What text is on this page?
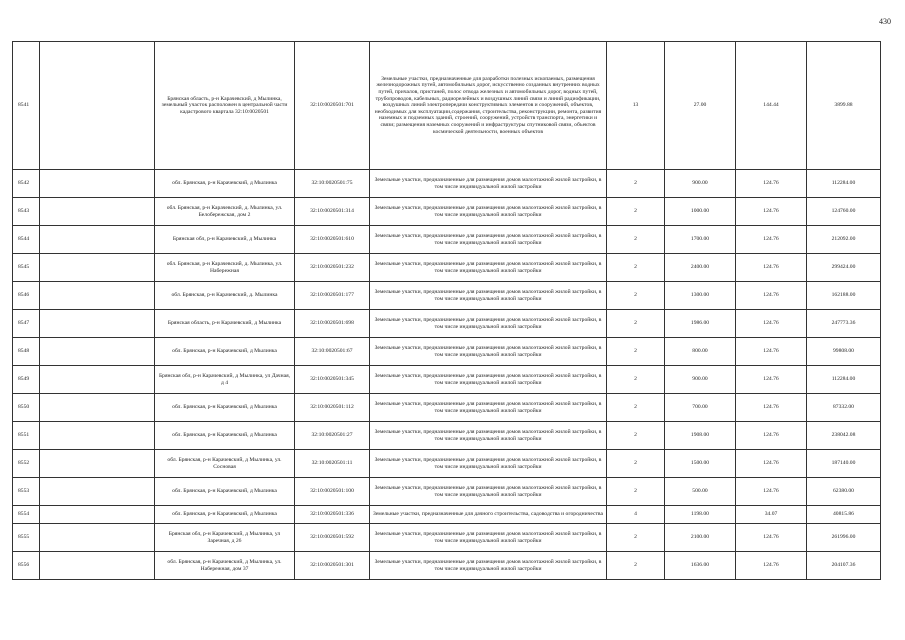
430
8541		Брянская область, р-н Карачевский, д Мылинка, земельный участок расположен в центральной части кадастрового квартала 32:10:0020501	32:10:0020501:701	Земельные участки, предназначенные для разработки полезных ископаемых, размещения железнодорожных путей, автомобильных дорог, искусственно созданных внутренних водных путей, причалов, пристаней, полос отвода железных и автомобильных дорог, водных путей, трубопроводов, кабельных, радиорелейных и воздушных линий связи и линий радиофикации, воздушных линий электропередачи конструктивных элементов и сооружений, объектов, необходимых для эксплуатации,содержания, строительства, реконструкции, ремонта, развития наземных и подземных зданий, строений, сооружений, устройств транспорта, энергетики и связи; размещения наземных сооружений и инфраструктуры спутниковой связи, объектов космической деятельности, военных объектов	13	27.00	144.44	3899.88
8542		обл. Брянская, р-н Карачевский, д Мылинка	32:10:0020501:75	Земельные участки, предназначенные для размещения домов малоэтажной жилой застройки, в том числе индивидуальной жилой застройки	2	900.00	124.76	112284.00
8543		обл. Брянская, р-н Карачевский, д. Мылинка, ул. Белобережская, дом 2	32:10:0020501:314	Земельные участки, предназначенные для размещения домов малоэтажной жилой застройки, в том числе индивидуальной жилой застройки	2	1000.00	124.76	124760.00
8544		Брянская обл, р-н Карачевский, д Мылинка	32:10:0020501:610	Земельные участки, предназначенные для размещения домов малоэтажной жилой застройки, в том числе индивидуальной жилой застройки	2	1700.00	124.76	212092.00
8545		обл. Брянская, р-н Карачевский, д. Мылинка, ул. Набережная	32:10:0020501:232	Земельные участки, предназначенные для размещения домов малоэтажной жилой застройки, в том числе индивидуальной жилой застройки	2	2400.00	124.76	299424.00
8546		обл. Брянская, р-н Карачевский, д. Мылинка	32:10:0020501:177	Земельные участки, предназначенные для размещения домов малоэтажной жилой застройки, в том числе индивидуальной жилой застройки	2	1300.00	124.76	162188.00
8547		Брянская область, р-н Карачевский, д Мылинка	32:10:0020501:698	Земельные участки, предназначенные для размещения домов малоэтажной жилой застройки, в том числе индивидуальной жилой застройки	2	1986.00	124.76	247773.36
8548		обл. Брянская, р-н Карачевский, д Мылинка	32:10:0020501:67	Земельные участки, предназначенные для размещения домов малоэтажной жилой застройки, в том числе индивидуальной жилой застройки	2	800.00	124.76	99808.00
8549		Брянская обл, р-н Карачевский, д Мылинка, ул Дачная, д 4	32:10:0020501:345	Земельные участки, предназначенные для размещения домов малоэтажной жилой застройки, в том числе индивидуальной жилой застройки	2	900.00	124.76	112284.00
8550		обл. Брянская, р-н Карачевский, д Мылинка	32:10:0020501:112	Земельные участки, предназначенные для размещения домов малоэтажной жилой застройки, в том числе индивидуальной жилой застройки	2	700.00	124.76	87332.00
8551		обл. Брянская, р-н Карачевский, д Мылинка	32:10:0020501:27	Земельные участки, предназначенные для размещения домов малоэтажной жилой застройки, в том числе индивидуальной жилой застройки	2	1908.00	124.76	238042.08
8552		обл. Брянская, р-н Карачевский, д Мылинка, ул. Сосновая	32:10:0020501:11	Земельные участки, предназначенные для размещения домов малоэтажной жилой застройки, в том числе индивидуальной жилой застройки	2	1500.00	124.76	187140.00
8553		обл. Брянская, р-н Карачевский, д Мылинка	32:10:0020501:100	Земельные участки, предназначенные для размещения домов малоэтажной жилой застройки, в том числе индивидуальной жилой застройки	2	500.00	124.76	62380.00
8554		обл. Брянская, р-н Карачевский, д Мылинка	32:10:0020501:336	Земельные участки, предназначенные для дачного строительства, садоводства и огородничества	4	1198.00	34.07	40815.86
8555		Брянская обл, р-н Карачевский, д Мылинка, ул Заречная, д 26	32:10:0020501:592	Земельные участки, предназначенные для размещения домов малоэтажной жилой застройки, в том числе индивидуальной жилой застройки	2	2100.00	124.76	261996.00
8556		обл. Брянская, р-н Карачевский, д Мылинка, ул. Набережная, дом 37	32:10:0020501:301	Земельные участки, предназначенные для размещения домов малоэтажной жилой застройки, в том числе индивидуальной жилой застройки	2	1636.00	124.76	204107.36
